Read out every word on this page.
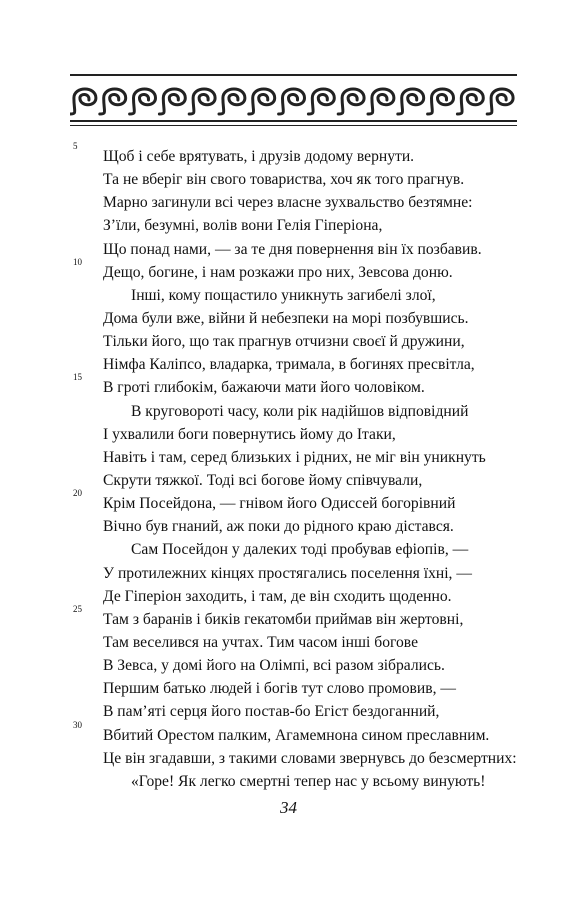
5
Щоб і себе врятувать, і друзів додому вернути.
Та не вберіг він свого товариства, хоч як того прагнув.
Марно загинули всі через власне зухвальство безтямне:
З’їли, безумні, волів вони Гелія Гіперіона,
Що понад нами, — за те дня повернення він їх позбавив.
10
Дещо, богине, і нам розкажи про них, Зевсова доню.
Інші, кому пощастило уникнуть загибелі злої,
Дома були вже, війни й небезпеки на морі позбувшись.
Тільки його, що так прагнув отчизни своєї й дружини,
Німфа Каліпсо, владарка, тримала, в богинях пресвітла,
15
В гроті глибокім, бажаючи мати його чоловіком.
В круговороті часу, коли рік надійшов відповідний
І ухвалили боги повернутись йому до Ітаки,
Навіть і там, серед близьких і рідних, не міг він уникнуть
Скрути тяжкої. Тоді всі богове йому співчували,
20
Крім Посейдона, — гнівом його Одиссей богорівний
Вічно був гнаний, аж поки до рідного краю дістався.
Сам Посейдон у далеких тоді пробував ефіопів, —
У протилежних кінцях простягались поселення їхні, —
Де Гіперіон заходить, і там, де він сходить щоденно.
25
Там з баранів і биків гекатомби приймав він жертовні,
Там веселився на учтах. Тим часом інші богове
В Зевса, у домі його на Олімпі, всі разом зібрались.
Першим батько людей і богів тут слово промовив, —
В пам’яті серця його постав-бо Егіст бездоганний,
30
Вбитий Орестом палким, Агамемнона сином преславним.
Це він згадавши, з такими словами звернувсь до безсмертних:
«Горе! Як легко смертні тепер нас у всьому винують!
34
